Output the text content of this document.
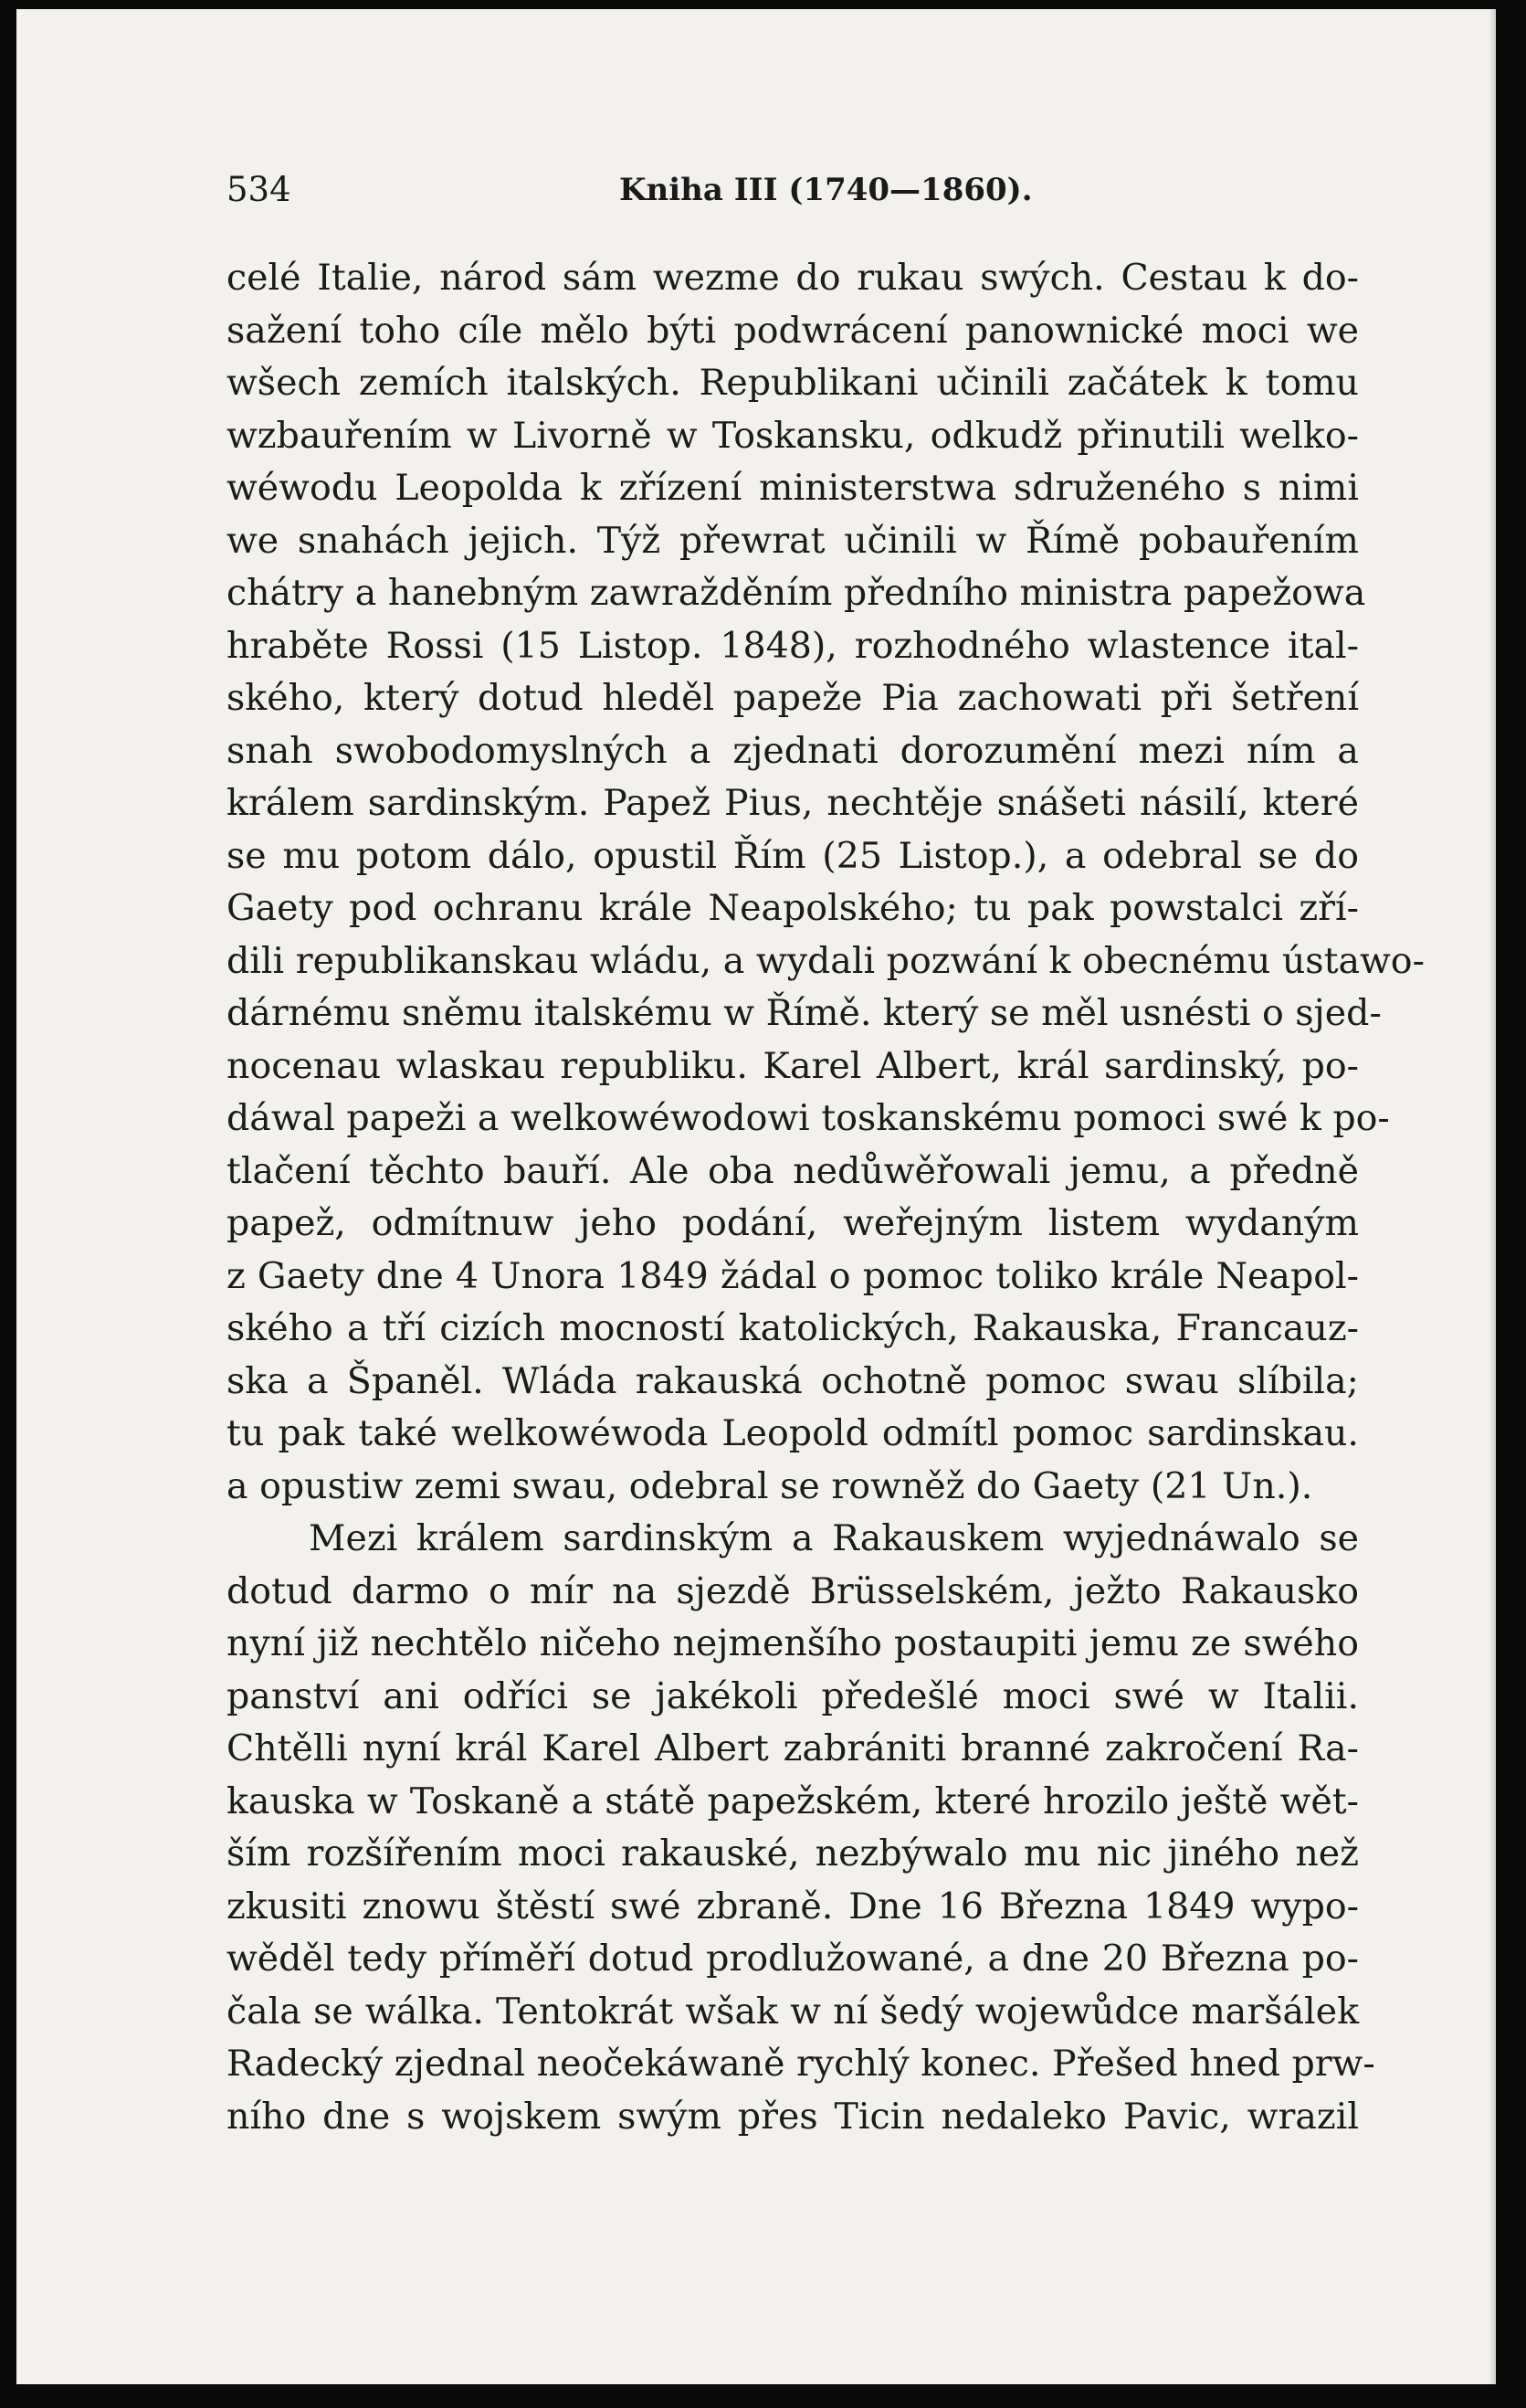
534	Kniha III (1740—1860).
celé Italie, národ sám wezme do rukau swých. Cestau k do-
sažení toho cíle mělo býti podwrácení panownické moci we
wšech zemích italských. Republikani učinili začátek k tomu
wzbauřením w Livorně w Toskansku, odkudž přinutili welko-
wéwodu Leopolda k zřízení ministerstwa sdruženého s nimi
we snahách jejich. Týž přewrat učinili w Římě pobauřením
chátry a hanebným zawražděním předního ministra papežowa
hraběte Rossi (15 Listop. 1848), rozhodného wlastence ital-
ského, který dotud hleděl papeže Pia zachowati při šetření
snah swobodomyslných a zjednati dorozumění mezi ním a
králem sardinským. Papež Pius, nechtěje snášeti násilí, které
se mu potom dálo, opustil Řím (25 Listop.), a odebral se do
Gaety pod ochranu krále Neapolského; tu pak powstalci zří-
dili republikanskau wládu, a wydali pozwání k obecnému ústawo-
dárnému sněmu italskému w Římě. který se měl usnésti o sjed-
nocenau wlaskau republiku. Karel Albert, král sardinský, po-
dáwal papeži a welkowéwodowi toskanskému pomoci swé k po-
tlačení těchto bauří. Ale oba nedůwěřowali jemu, a předně
papež, odmítnuw jeho podání, weřejným listem wydaným
z Gaety dne 4 Unora 1849 žádal o pomoc toliko krále Neapol-
ského a tří cizích mocností katolických, Rakauska, Francauz-
ska a Španěl. Wláda rakauská ochotně pomoc swau slíbila;
tu pak také welkowéwoda Leopold odmítl pomoc sardinskau.
a opustiw zemi swau, odebral se rowněž do Gaety (21 Un.).
Mezi králem sardinským a Rakauskem wyjednáwalo se
dotud darmo o mír na sjezdě Brüsselském, ježto Rakausko
nyní již nechtělo ničeho nejmenšího postaupiti jemu ze swého
panství ani odříci se jakékoli předešlé moci swé w Italii.
Chtělli nyní král Karel Albert zabrániti branné zakročení Ra-
kauska w Toskaně a státě papežském, které hrozilo ještě wět-
ším rozšířením moci rakauské, nezbýwalo mu nic jiného než
zkusiti znowu štěstí swé zbraně. Dne 16 Března 1849 wypo-
wěděl tedy příměří dotud prodlužowané, a dne 20 Března po-
čala se wálka. Tentokrát wšak w ní šedý wojewůdce maršálek
Radecký zjednal neočekáwaně rychlý konec. Přešed hned prw-
ního dne s wojskem swým přes Ticin nedaleko Pavic, wrazil
